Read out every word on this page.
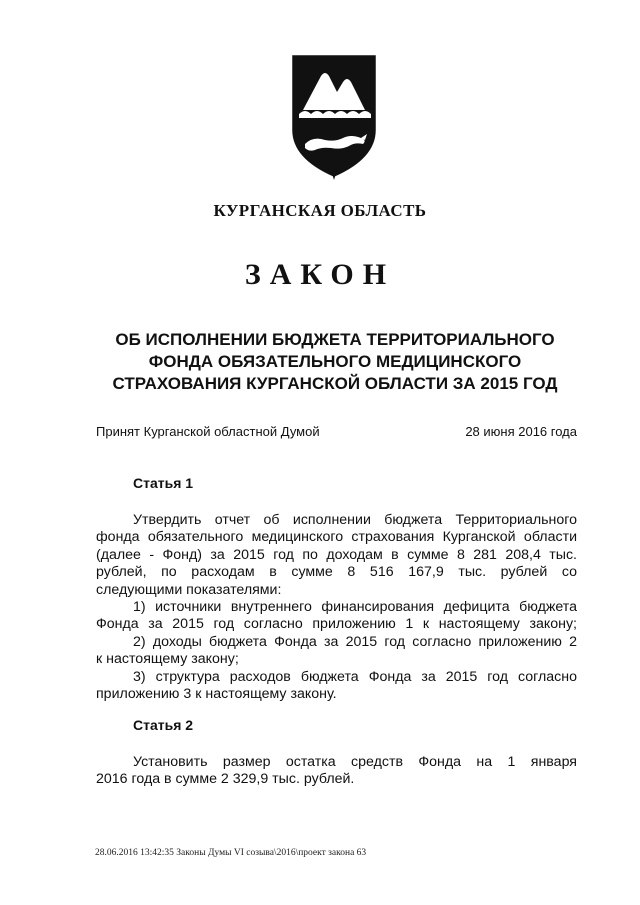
КУРГАНСКАЯ ОБЛАСТЬ
ЗАКОН
ОБ ИСПОЛНЕНИИ БЮДЖЕТА ТЕРРИТОРИАЛЬНОГО
ФОНДА ОБЯЗАТЕЛЬНОГО МЕДИЦИНСКОГО
СТРАХОВАНИЯ КУРГАНСКОЙ ОБЛАСТИ ЗА 2015 ГОД
Принят Курганской областной Думой	28 июня 2016 года
Статья 1

Утвердить отчет об исполнении бюджета Территориального

фонда обязательного медицинского страхования Курганской области

(далее - Фонд) за 2015 год по доходам в сумме 8 281 208,4 тыс.

рублей, по расходам в сумме 8 516 167,9 тыс. рублей со

следующими показателями:

1) источники внутреннего финансирования дефицита бюджета

Фонда за 2015 год согласно приложению 1 к настоящему закону;

2) доходы бюджета Фонда за 2015 год согласно приложению 2

к настоящему закону;

3) структура расходов бюджета Фонда за 2015 год согласно

приложению 3 к настоящему закону.

Статья 2

Установить размер остатка средств Фонда на 1 января

2016 года в сумме 2 329,9 тыс. рублей.

28.06.2016 13:42:35 Законы Думы VI созыва\2016\проект закона 63
